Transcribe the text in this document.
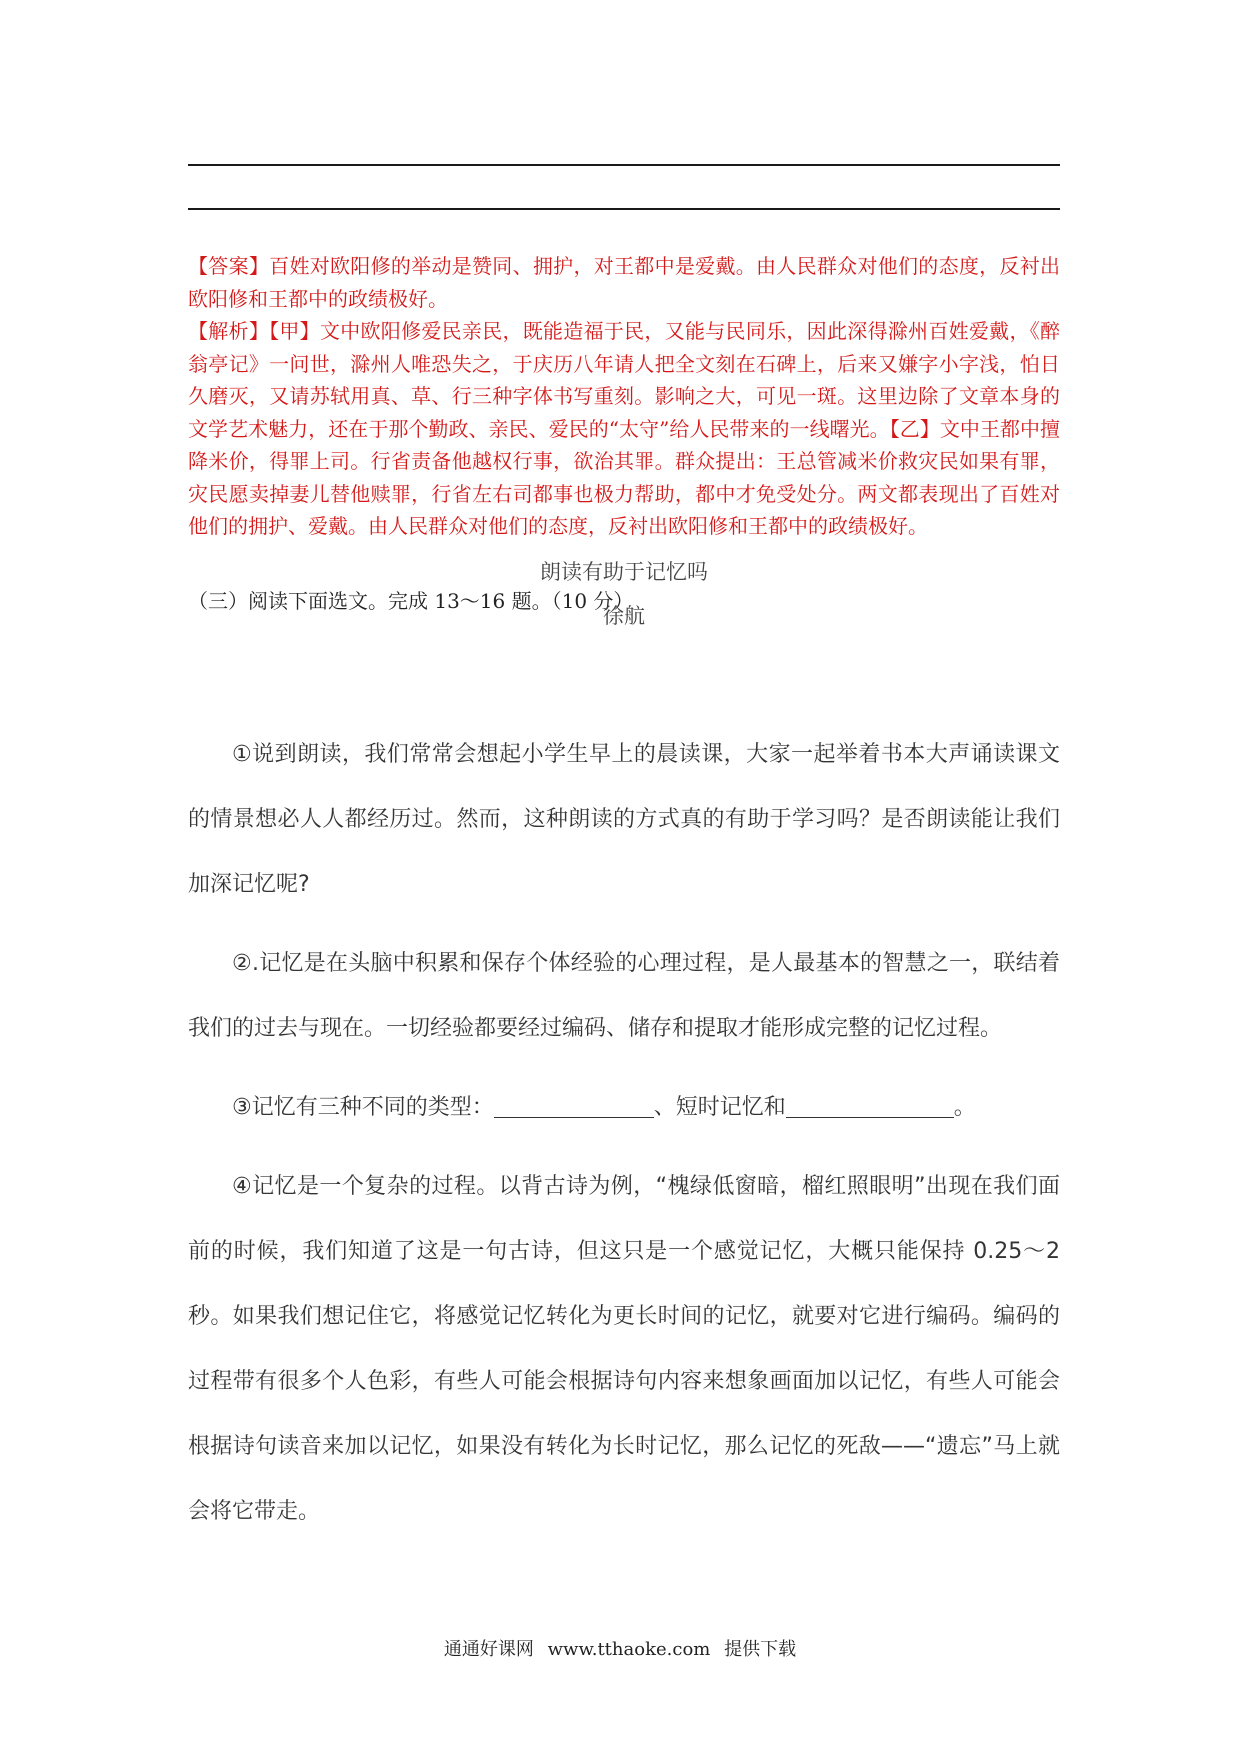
【答案】百姓对欧阳修的举动是赞同、拥护，对王都中是爱戴。由人民群众对他们的态度，反衬出欧阳修和王都中的政绩极好。

【解析】【甲】文中欧阳修爱民亲民，既能造福于民，又能与民同乐，因此深得滁州百姓爱戴，《醉翁亭记》一问世，滁州人唯恐失之，于庆历八年请人把全文刻在石碑上，后来又嫌字小字浅，怕日久磨灭，又请苏轼用真、草、行三种字体书写重刻。影响之大，可见一斑。这里边除了文章本身的文学艺术魅力，还在于那个勤政、亲民、爱民的“太守”给人民带来的一线曙光。【乙】文中王都中擅降米价，得罪上司。行省责备他越权行事，欲治其罪。群众提出：王总管减米价救灾民如果有罪，灾民愿卖掉妻儿替他赎罪，行省左右司都事也极力帮助，都中才免受处分。两文都表现出了百姓对他们的拥护、爱戴。由人民群众对他们的态度，反衬出欧阳修和王都中的政绩极好。

（三）阅读下面选文。完成 13～16 题。（10 分）
朗读有助于记忆吗
徐航

①说到朗读，我们常常会想起小学生早上的晨读课，大家一起举着书本大声诵读课文的情景想必人人都经历过。然而，这种朗读的方式真的有助于学习吗？是否朗读能让我们加深记忆呢?

②.记忆是在头脑中积累和保存个体经验的心理过程，是人最基本的智慧之一，联结着我们的过去与现在。一切经验都要经过编码、储存和提取才能形成完整的记忆过程。

③记忆有三种不同的类型：	、短时记忆和	。

④记忆是一个复杂的过程。以背古诗为例，“槐绿低窗暗，榴红照眼明”出现在我们面前的时候，我们知道了这是一句古诗，但这只是一个感觉记忆，大概只能保持 0.25～2 秒。如果我们想记住它，将感觉记忆转化为更长时间的记忆，就要对它进行编码。编码的过程带有很多个人色彩，有些人可能会根据诗句内容来想象画面加以记忆，有些人可能会根据诗句读音来加以记忆，如果没有转化为长时记忆，那么记忆的死敌——“遗忘”马上就会将它带走。

通通好课网 www.tthaoke.com 提供下载
